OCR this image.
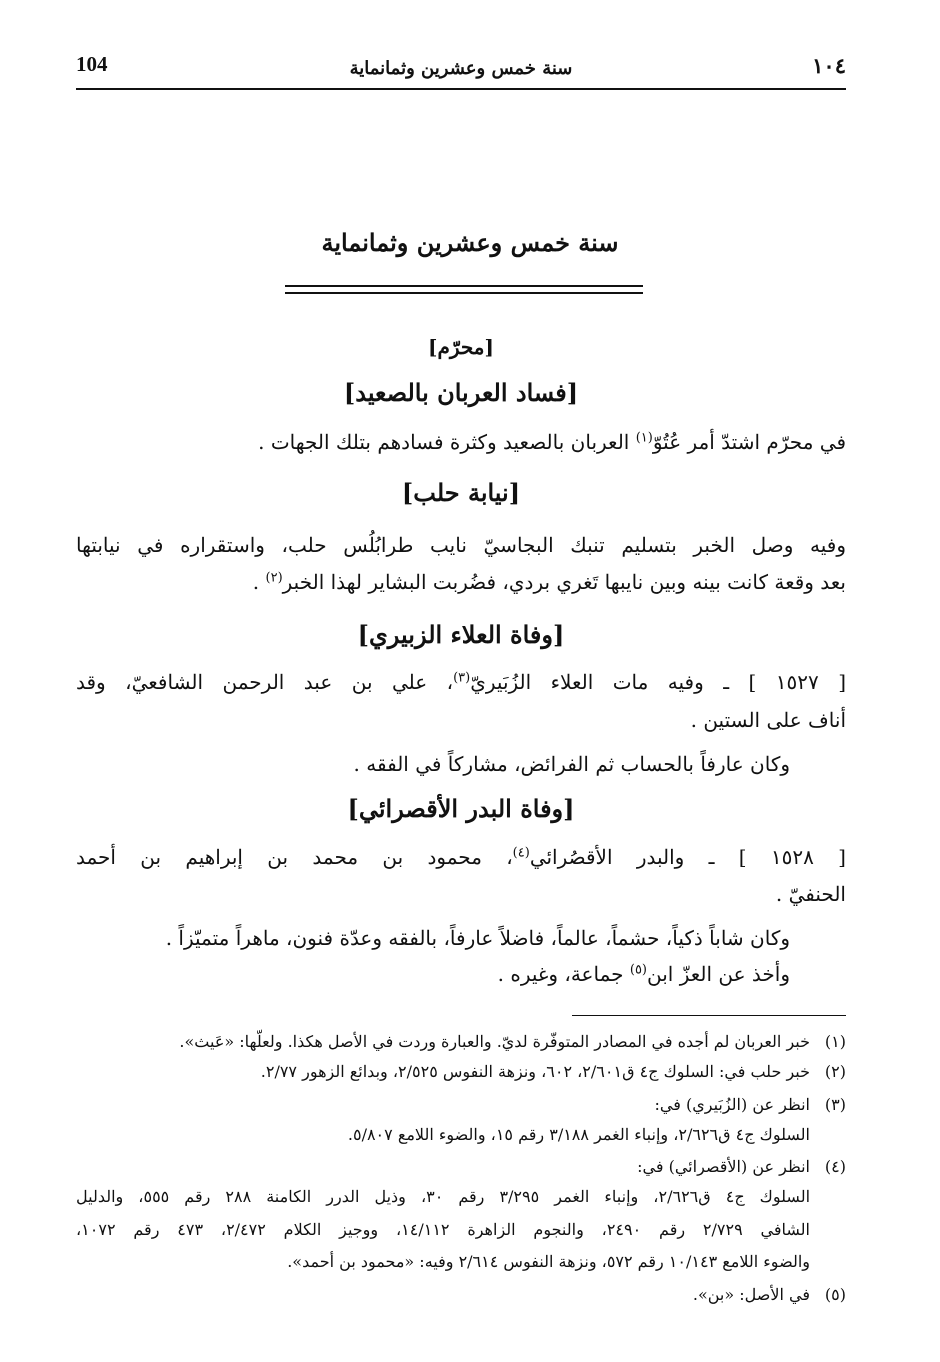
104	سنة خمس وعشرين وثمانماية	١٠٤
سنة خمس وعشرين وثمانماية
[محرّم]
[فساد العربان بالصعيد]
في محرّم اشتدّ أمر عُتُوّ$^{(١)}$ العربان بالصعيد وكثرة فسادهم بتلك الجهات .
[نيابة حلب]
وفيه وصل الخبر بتسليم تنبك البجاسيّ نايب طرابُلُس حلب، واستقراره في نيابتها
بعد وقعة كانت بينه وبين نايبها تَغري بردي، فضُربت البشاير لهذا الخبر$^{(٢)}$ .
[وفاة العلاء الزبيري]
[ ١٥٢٧ ] ـ وفيه مات العلاء الزُبَيريّ$^{(٣)}$، علي بن عبد الرحمن الشافعيّ، وقد
أناف على الستين .
وكان عارفاً بالحساب ثم الفرائض، مشاركاً في الفقه .
[وفاة البدر الأقصرائي]
[ ١٥٢٨ ] ـ والبدر الأقصُرائي$^{(٤)}$، محمود بن محمد بن إبراهيم بن أحمد
الحنفيّ .
وكان شاباً ذكياً، حشماً، عالماً، فاضلاً عارفاً، بالفقه وعدّة فنون، ماهراً متميّزاً .
وأخذ عن العزّ ابن$^{(٥)}$ جماعة، وغيره .
(١)
خبر العربان لم أجده في المصادر المتوفّرة لديّ. والعبارة وردت في الأصل هكذا. ولعلّها: «عَيث».
(٢)
خبر حلب في: السلوك ج٤ ق٢/٦٠١، ٦٠٢، ونزهة النفوس ٢/٥٢٥، وبدائع الزهور ٢/٧٧.
(٣)
انظر عن (الزُبَيري) في:
السلوك ج٤ ق٢/٦٢٦، وإنباء الغمر ٣/١٨٨ رقم ١٥، والضوء اللامع ٥/٨٠٧.
(٤)
انظر عن (الأقصرائي) في:
السلوك ج٤ ق٢/٦٢٦، وإنباء الغمر ٣/٢٩٥ رقم ٣٠، وذيل الدرر الكامنة ٢٨٨ رقم ٥٥٥، والدليل
الشافي ٢/٧٢٩ رقم ٢٤٩٠، والنجوم الزاهرة ١٤/١١٢، ووجيز الكلام ٢/٤٧٢، ٤٧٣ رقم ١٠٧٢،
والضوء اللامع ١٠/١٤٣ رقم ٥٧٢، ونزهة النفوس ٢/٦١٤ وفيه: «محمود بن أحمد».
(٥)
في الأصل: «بن».
